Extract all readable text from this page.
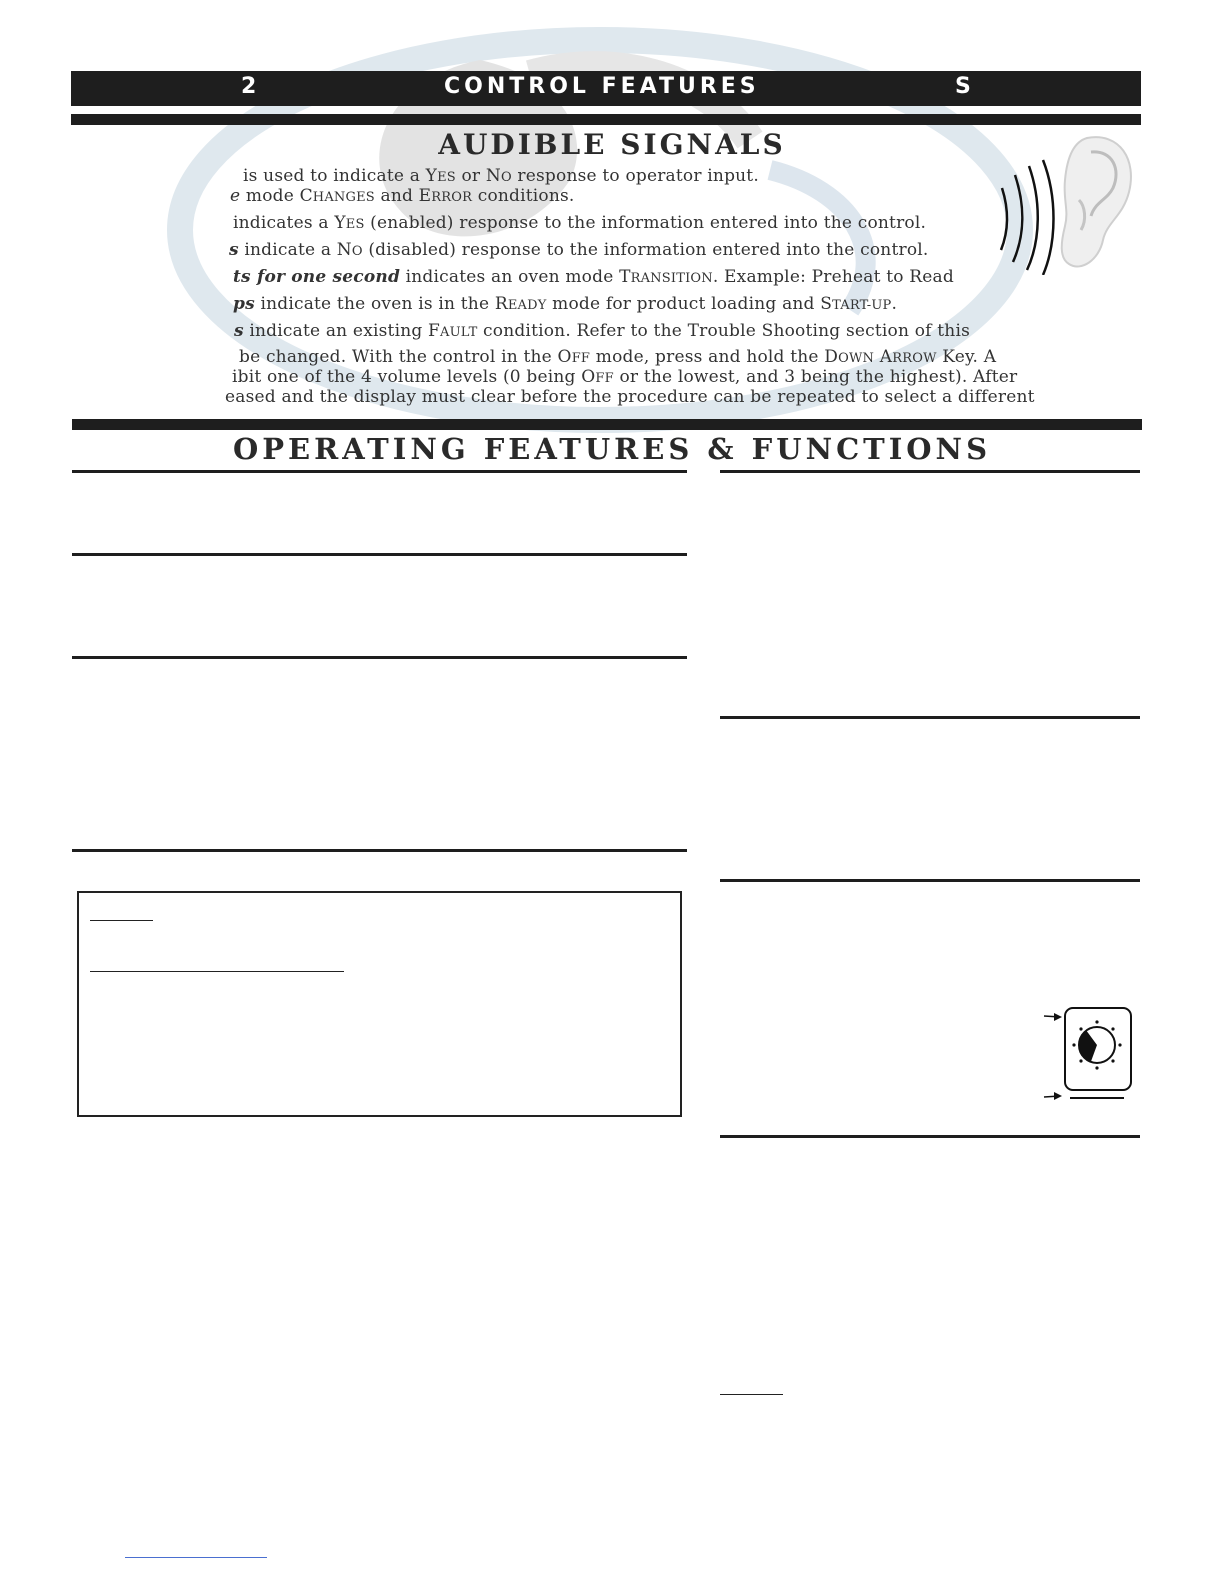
2	CONTROL FEATURES	S
AUDIBLE SIGNALS
is used to indicate a YES or NO response to operator input.
e mode CHANGES and ERROR conditions.
indicates a YES (enabled) response to the information entered into the control.
s indicate a NO (disabled) response to the information entered into the control.
ts for one second indicates an oven mode TRANSITION. Example: Preheat to Read
ps indicate the oven is in the READY mode for product loading and START-UP.
s indicate an existing FAULT condition. Refer to the Trouble Shooting section of this
be changed. With the control in the OFF mode, press and hold the DOWN ARROW Key. A
ibit one of the 4 volume levels (0 being OFF or the lowest, and 3 being the highest). After
eased and the display must clear before the procedure can be repeated to select a different
OPERATING FEATURES & FUNCTIONS
